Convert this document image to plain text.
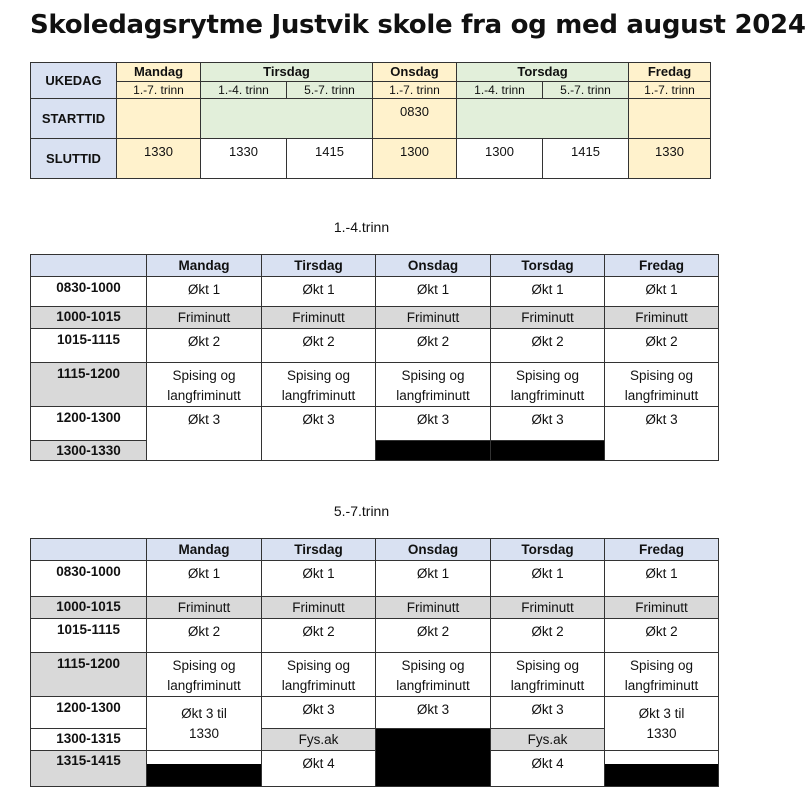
Skoledagsrytme Justvik skole fra og med august 2024
UKEDAG	Mandag	Tirsdag		Onsdag	Torsdag		Fredag
	1.-7. trinn	1.-4. trinn	5.-7. trinn	1.-7. trinn	1.-4. trinn	5.-7. trinn	1.-7. trinn
STARTTID				0830			
SLUTTID	1330	1330	1415	1300	1300	1415	1330
1.-4.trinn
	Mandag	Tirsdag	Onsdag	Torsdag	Fredag
0830-1000	Økt 1	Økt 1	Økt 1	Økt 1	Økt 1
1000-1015	Friminutt	Friminutt	Friminutt	Friminutt	Friminutt
1015-1115	Økt 2	Økt 2	Økt 2	Økt 2	Økt 2
1115-1200	Spising og langfriminutt	Spising og langfriminutt	Spising og langfriminutt	Spising og langfriminutt	Spising og langfriminutt
1200-1300	Økt 3	Økt 3	Økt 3	Økt 3	Økt 3
1300-1330					
5.-7.trinn
	Mandag	Tirsdag	Onsdag	Torsdag	Fredag
0830-1000	Økt 1	Økt 1	Økt 1	Økt 1	Økt 1
1000-1015	Friminutt	Friminutt	Friminutt	Friminutt	Friminutt
1015-1115	Økt 2	Økt 2	Økt 2	Økt 2	Økt 2
1115-1200	Spising og langfriminutt	Spising og langfriminutt	Spising og langfriminutt	Spising og langfriminutt	Spising og langfriminutt
1200-1300	Økt 3 til 1330	Økt 3	Økt 3	Økt 3	Økt 3 til 1330
1300-1315		Fys.ak		Fys.ak	
1315-1415		Økt 4		Økt 4	
